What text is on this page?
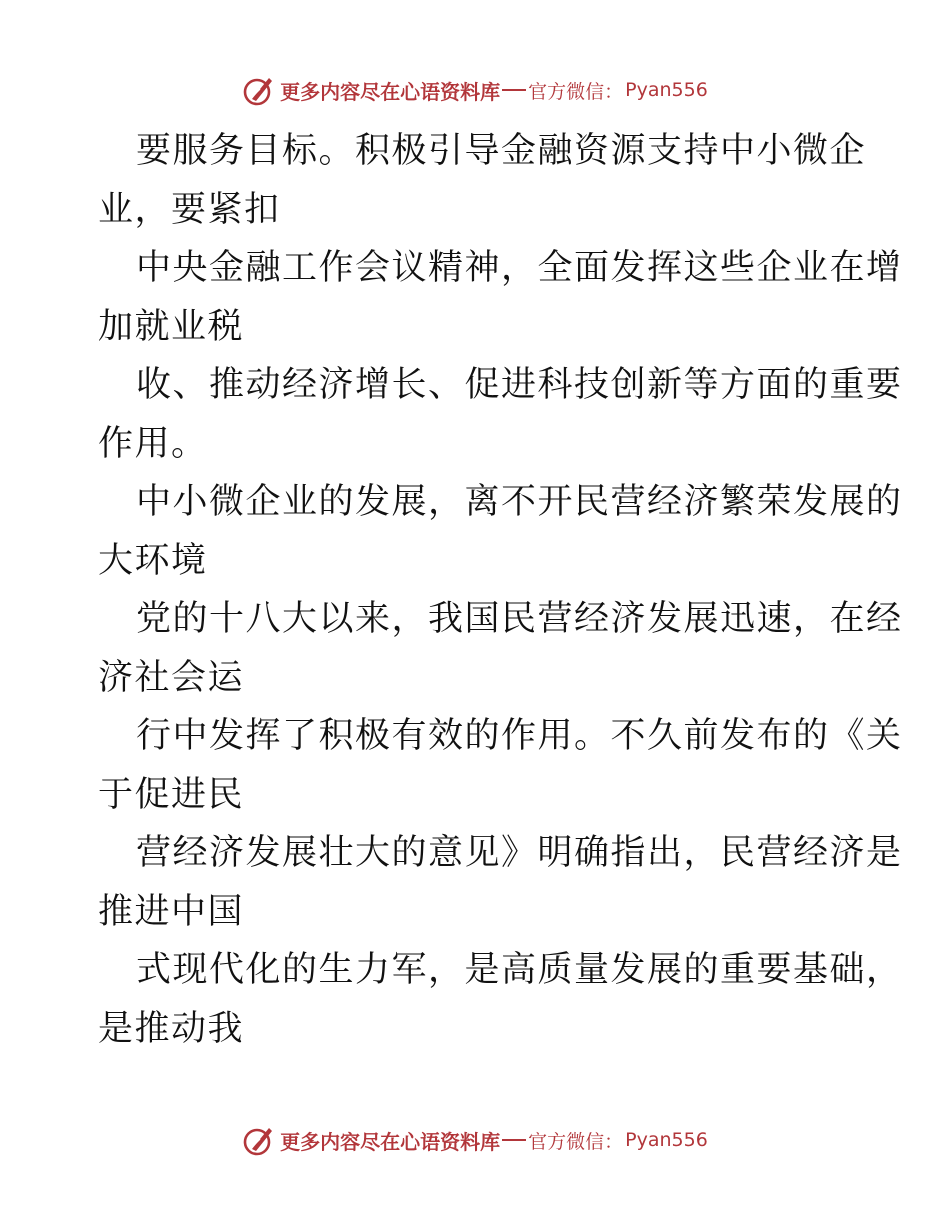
更多内容尽在心语资料库 官方微信： Pyan556
要服务目标。积极引导金融资源支持中小微企
业，要紧扣
中央金融工作会议精神，全面发挥这些企业在增
加就业税
收、推动经济增长、促进科技创新等方面的重要
作用。
中小微企业的发展，离不开民营经济繁荣发展的
大环境
党的十八大以来，我国民营经济发展迅速，在经
济社会运
行中发挥了积极有效的作用。不久前发布的《关
于促进民
营经济发展壮大的意见》明确指出，民营经济是
推进中国
式现代化的生力军，是高质量发展的重要基础，
是推动我
更多内容尽在心语资料库 官方微信： Pyan556
